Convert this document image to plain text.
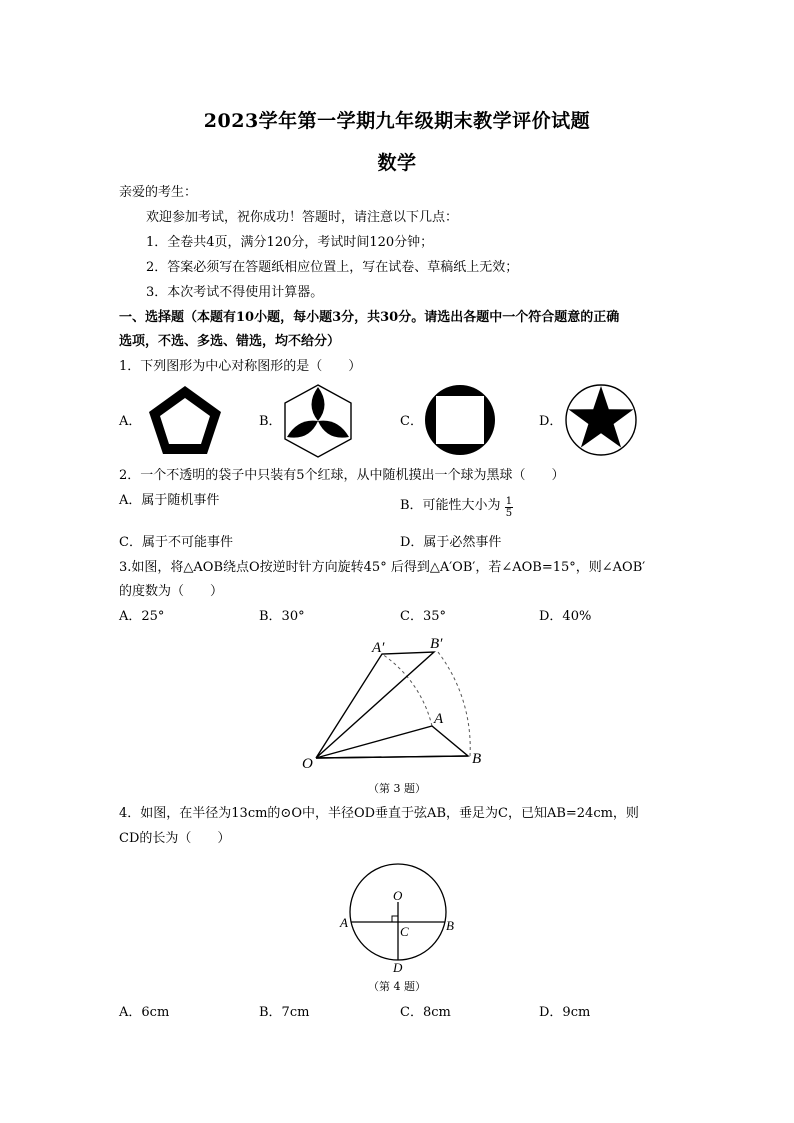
2023学年第一学期九年级期末教学评价试题
数学
亲爱的考生：
欢迎参加考试，祝你成功！答题时，请注意以下几点：
1．全卷共4页，满分120分，考试时间120分钟；
2．答案必须写在答题纸相应位置上，写在试卷、草稿纸上无效；
3．本次考试不得使用计算器。
一、选择题（本题有10小题，每小题3分，共30分。请选出各题中一个符合题意的正确
选项，不选、多选、错选，均不给分）
1．下列图形为中心对称图形的是（　　）
A．	B．	C．	D．
2．一个不透明的袋子中只装有5个红球，从中随机摸出一个球为黑球（　　）
A．属于随机事件	B．可能性大小为 $\frac{1}{5}$
C．属于不可能事件	D．属于必然事件
3.如图，将△AOB绕点O按逆时针方向旋转45° 后得到△A′OB′，若∠AOB=15°，则∠AOB′
的度数为（　　）
A．25°	B．30°	C．35°	D．40%
O
A
B
A′	B′
（第 3 题）
4．如图，在半径为13cm的⊙O中，半径OD垂直于弦AB，垂足为C，已知AB=24cm，则
CD的长为（　　）
O
A	B
C
D
（第 4 题）
A．6cm	B．7cm	C．8cm	D．9cm
